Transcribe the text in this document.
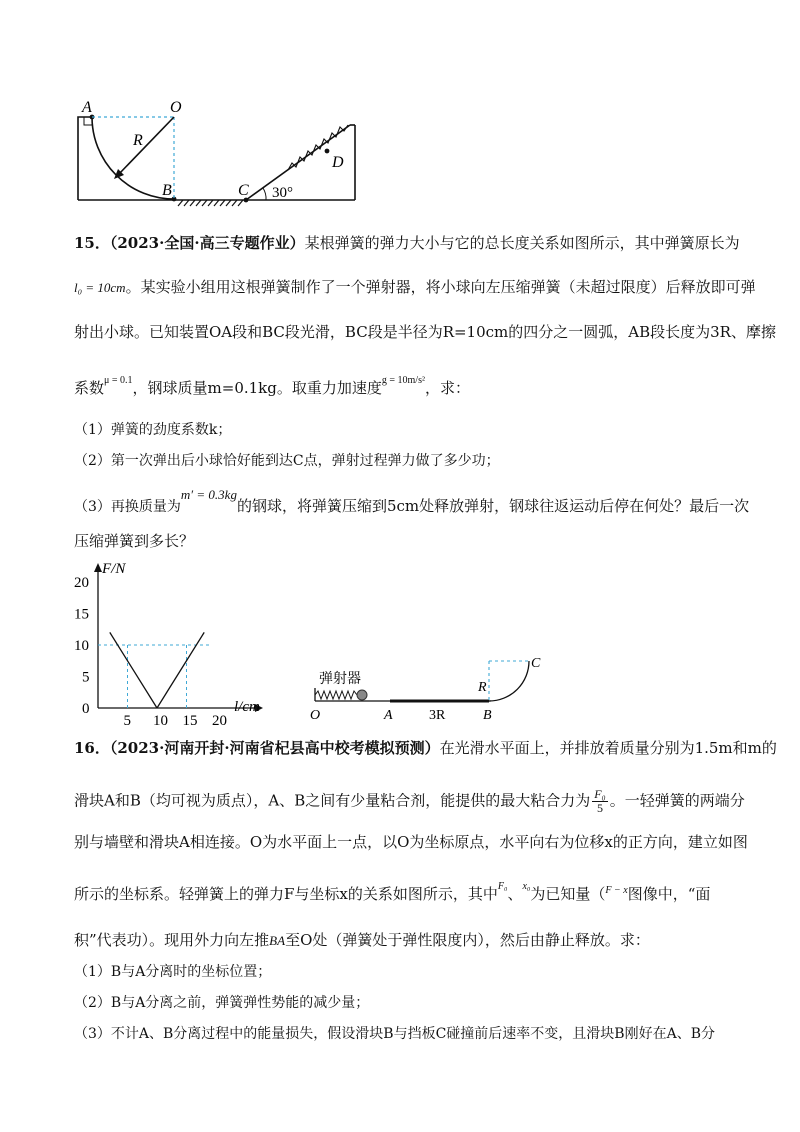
A	O
R
B	C
D
30°
15．（2023·全国·高三专题作业）某根弹簧的弹力大小与它的总长度关系如图所示，其中弹簧原长为
l₀ = 10cm。某实验小组用这根弹簧制作了一个弹射器，将小球向左压缩弹簧（未超过限度）后释放即可弹
射出小球。已知装置OA段和BC段光滑，BC段是半径为R=10cm的四分之一圆弧，AB段长度为3R、摩擦
系数$^{\mu = 0.1}$，钢球质量m=0.1kg。取重力加速度$^{g = 10m/s^2}$，求：
（1）弹簧的劲度系数k；
（2）第一次弹出后小球恰好能到达C点，弹射过程弹力做了多少功；
（3）再换质量为m′ = 0.3kg的钢球，将弹簧压缩到5cm处释放弹射，钢球往返运动后停在何处？最后一次
压缩弹簧到多长？
5 10 15 20
0
5
10
15
20
F/N
l/cm
弹射器
O	A	3R	B
R
C
16．（2023·河南开封·河南省杞县高中校考模拟预测）在光滑水平面上，并排放着质量分别为1.5m和m的
滑块A和B（均可视为质点），A、B之间有少量粘合剂，能提供的最大粘合力为 $\frac{\text{F₀}}{5}$ 。一轻弹簧的两端分
别与墙壁和滑块A相连接。O为水平面上一点，以O为坐标原点，水平向右为位移x的正方向，建立如图
所示的坐标系。轻弹簧上的弹力F与坐标x的关系如图所示，其中$^{F_0}$、$^{x_0}$为已知量（$^{F - x}$图像中，“面
积”代表功）。现用外力向左推BA至O处（弹簧处于弹性限度内），然后由静止释放。求：
（1）B与A分离时的坐标位置；
（2）B与A分离之前，弹簧弹性势能的减少量；
（3）不计A、B分离过程中的能量损失，假设滑块B与挡板C碰撞前后速率不变，且滑块B刚好在A、B分
